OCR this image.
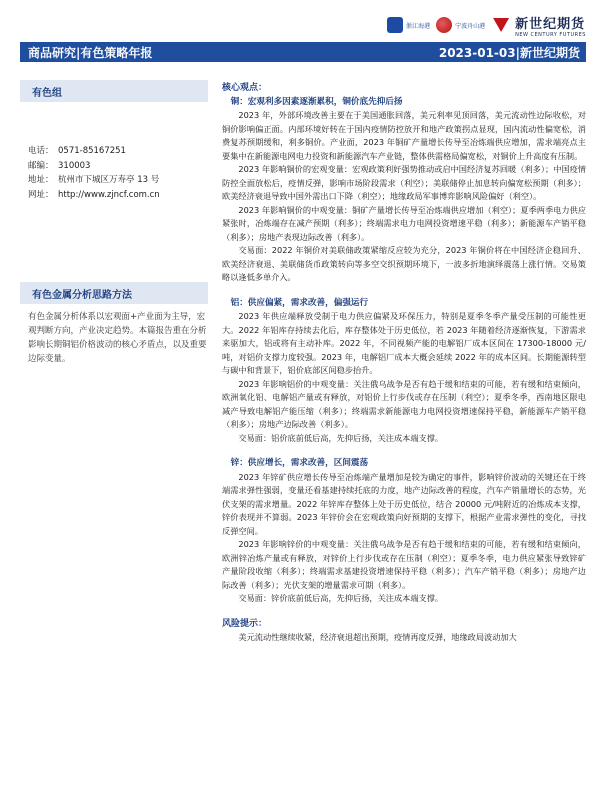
浙江海港	宁波舟山港 新世纪期货
NEW CENTURY FUTURES
商品研究|有色策略年报	2023-01-03|新世纪期货
有色组
电话： 0571-85167251
邮编： 310003
地址： 杭州市下城区万寿亭 13 号
网址： http://www.zjncf.com.cn
有色金属分析思路方法
有色金属分析体系以宏观面+产业面为主导，宏观判断方向，产业决定趋势。本篇报告重在分析影响长期铜铝价格波动的核心矛盾点，以及重要边际变量。

核心观点：

铜：宏观利多因素逐渐累积，铜价底先抑后扬

2023 年，外部环境改善主要在于美国通胀回落，美元利率见顶回落，美元流动性边际收松，对铜价影响偏正面。内部环境好转在于国内疫情防控放开和地产政策拐点显现，国内流动性偏宽松，消费复苏预期缓和，利多铜价。产业面，2023 年铜矿产量增长传导至冶炼端供应增加，需求端亮点主要集中在新能源电网电力投资和新能源汽车产业链，整体供需格局偏宽松，对铜价上升高度有压制。

2023 年影响铜价的宏观变量：宏观政策利好强势推动或启中国经济复苏回暖（利多）；中国疫情防控全面放松后，疫情反弹，影响市场阶段需求（利空）；美联储停止加息转向偏宽松预期（利多）；欧美经济衰退导致中国外需出口下降（利空）；地缘政局军事博弈影响风险偏好（利空）。

2023 年影响铜价的中观变量：铜矿产量增长传导至冶炼端供应增加（利空）；夏季两季电力供应紧张时，冶炼端存在减产预期（利多）；终端需求电力电网投资增速平稳（利多）；新能源车产销平稳（利多）；房地产表现边际改善（利多）。

交易面：2022 年铜价对美联储政策紧缩反应较为充分，2023 年铜价将在中国经济企稳回升、欧美经济衰退、美联储货币政策转向等多空交织预期环境下，一波多折地演绎震荡上涨行情。交易策略以逢低多单介入。

铝：供应偏紧，需求改善，偏强运行

2023 年供应端释放受制于电力供应偏紧及环保压力，特别是夏季冬季产量受压制的可能性更大。2022 年铝库存持续去化后，库存整体处于历史低位，若 2023 年随着经济逐渐恢复，下游需求来驱加大，铝或将有主动补库。2022 年，不同视频产能的电解铝厂成本区间在 17300-18000 元/吨，对铝价支撑力度较强。2023 年，电解铝厂成本大概会延续 2022 年的成本区间。长期能源转型与碳中和背景下，铝价底部区间稳步抬升。

2023 年影响铝价的中观变量：关注俄乌战争是否有趋于缓和结束的可能，若有缓和结束倾向，欧洲氧化铝、电解铝产量或有释放，对铝价上行步伐或存在压制（利空）；夏季冬季，西南地区限电减产导致电解铝产能压缩（利多）；终端需求新能源电力电网投资增速保持平稳，新能源车产销平稳（利多）；房地产边际改善（利多）。

交易面：铝价底前低后高，先抑后扬，关注成本端支撑。

锌：供应增长，需求改善，区间震荡

2023 年锌矿供应增长传导至冶炼端产量增加是较为确定的事件，影响锌价波动的关键还在于终端需求弹性强弱，变量还看基建持续托底的力度，地产边际改善的程度，汽车产销量增长的态势，光伏支架的需求增量。2022 年锌库存整体上处于历史低位，结合 20000 元/吨附近的冶炼成本支撑，锌价表现并不算弱。2023 年锌价会在宏观政策向好预期的支撑下，根据产业需求弹性的变化，寻找反弹空间。

2023 年影响锌价的中观变量：关注俄乌战争是否有趋于缓和结束的可能，若有缓和结束倾向，欧洲锌冶炼产量或有释放，对锌价上行步伐或存在压制（利空）；夏季冬季，电力供应紧张导致锌矿产量阶段收缩（利多）；终端需求基建投资增速保持平稳（利多）；汽车产销平稳（利多）；房地产边际改善（利多）；光伏支架的增量需求可期（利多）。

交易面：锌价底前低后高，先抑后扬，关注成本端支撑。

风险提示：

美元流动性继续收紧，经济衰退超出预期，疫情再度反弹，地缘政局波动加大
